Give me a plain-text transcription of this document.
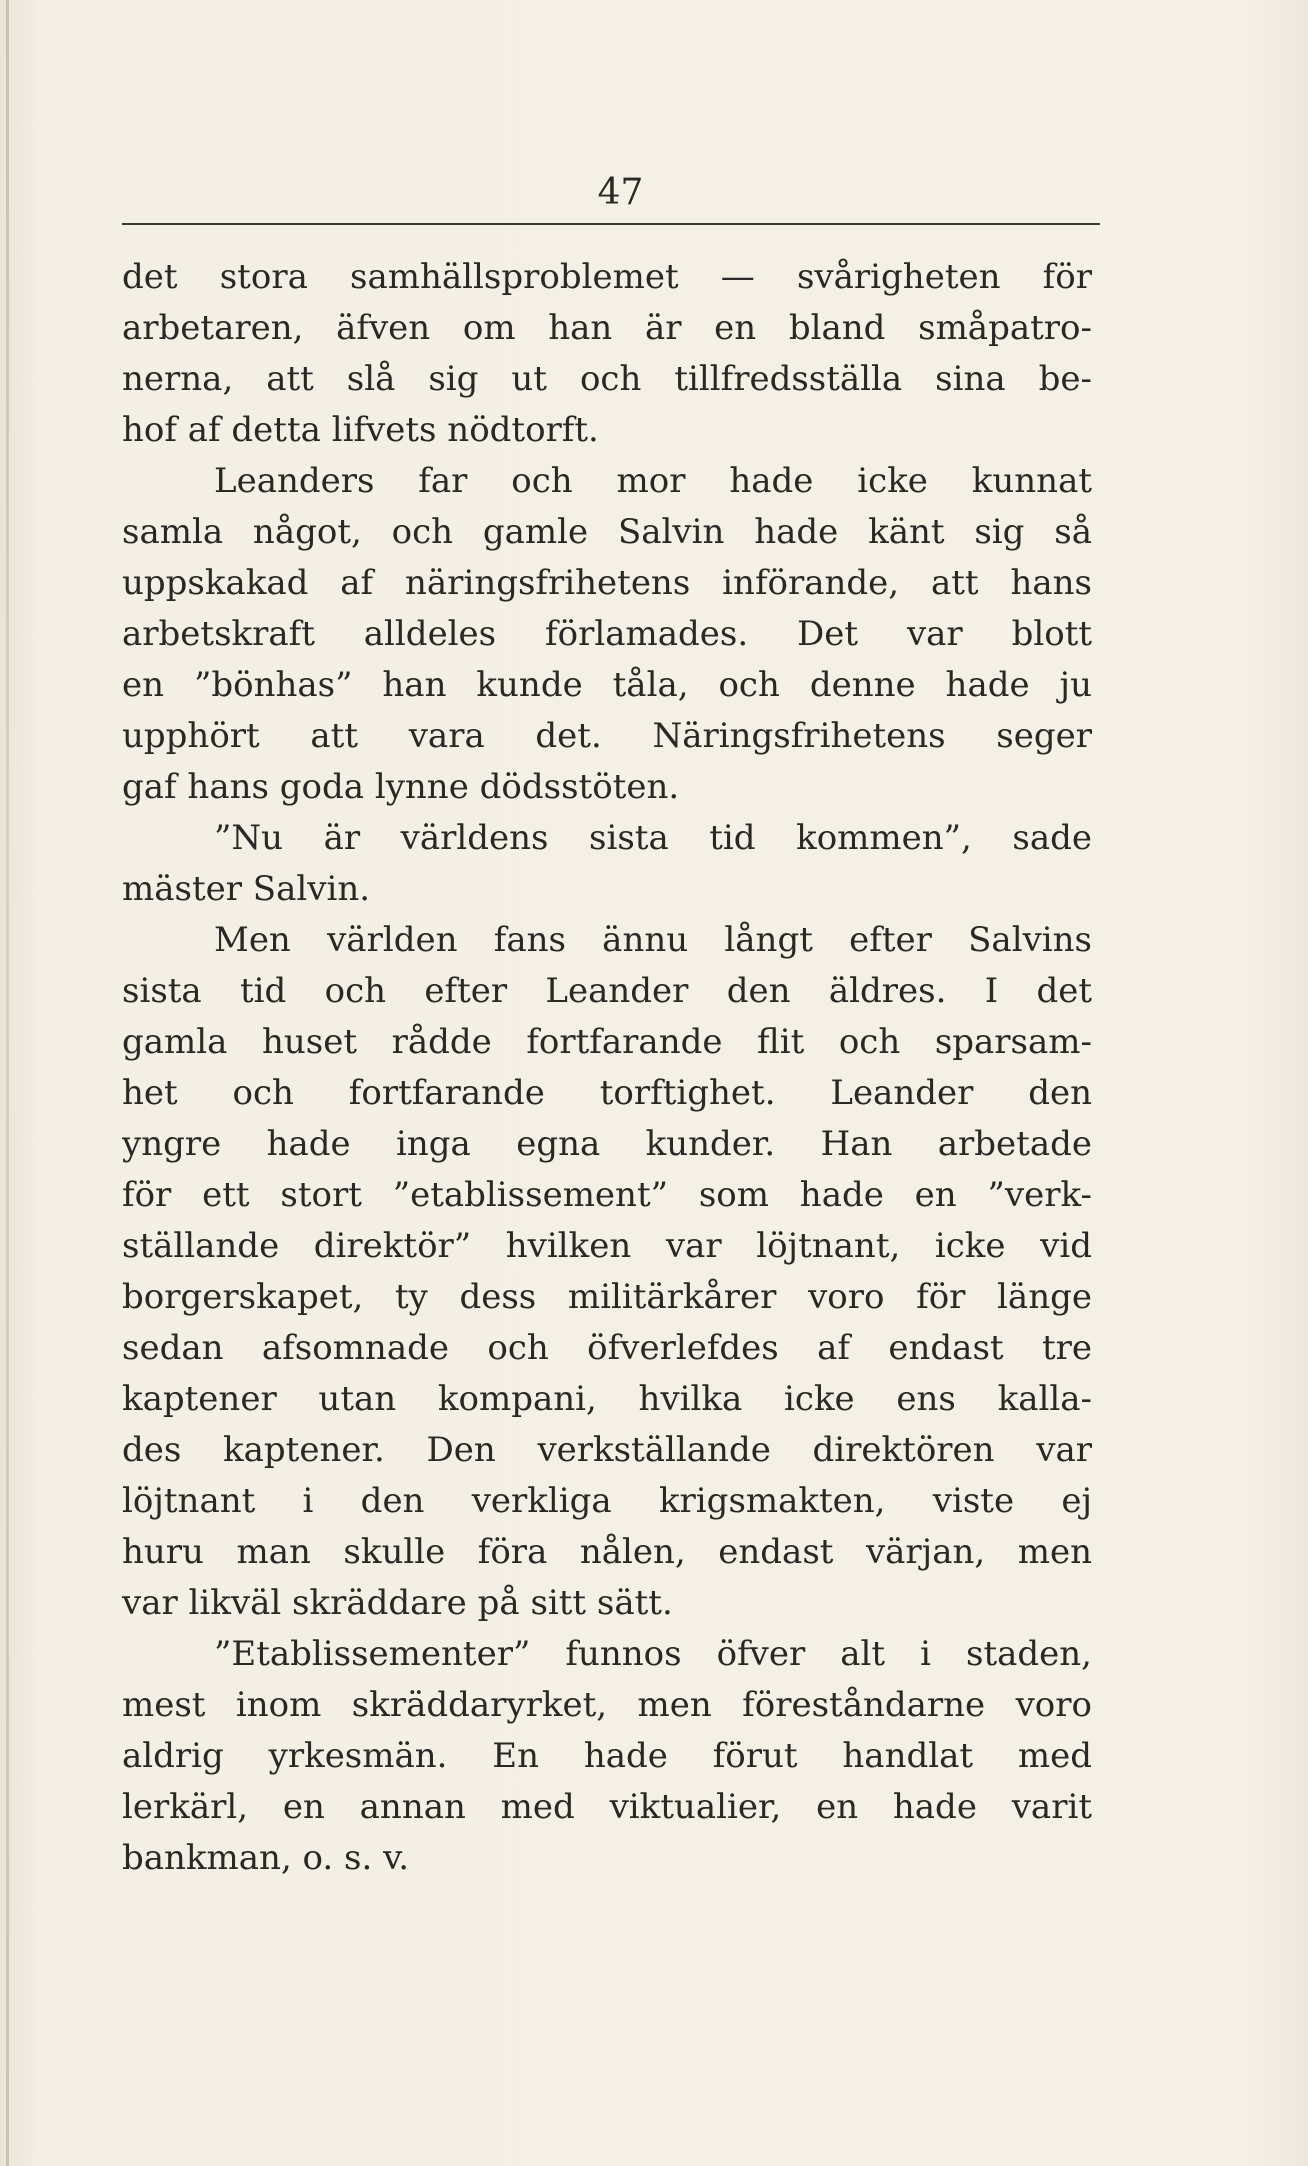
47
det stora samhällsproblemet — svårigheten för
arbetaren, äfven om han är en bland småpatro-
nerna, att slå sig ut och tillfredsställa sina be-
hof af detta lifvets nödtorft.
Leanders far och mor hade icke kunnat
samla något, och gamle Salvin hade känt sig så
uppskakad af näringsfrihetens införande, att hans
arbetskraft alldeles förlamades. Det var blott
en ”bönhas” han kunde tåla, och denne hade ju
upphört att vara det. Näringsfrihetens seger
gaf hans goda lynne dödsstöten.
”Nu är världens sista tid kommen”, sade
mäster Salvin.
Men världen fans ännu långt efter Salvins
sista tid och efter Leander den äldres. I det
gamla huset rådde fortfarande flit och sparsam-
het och fortfarande torftighet. Leander den
yngre hade inga egna kunder. Han arbetade
för ett stort ”etablissement” som hade en ”verk-
ställande direktör” hvilken var löjtnant, icke vid
borgerskapet, ty dess militärkårer voro för länge
sedan afsomnade och öfverlefdes af endast tre
kaptener utan kompani, hvilka icke ens kalla-
des kaptener. Den verkställande direktören var
löjtnant i den verkliga krigsmakten, viste ej
huru man skulle föra nålen, endast värjan, men
var likväl skräddare på sitt sätt.
”Etablissementer” funnos öfver alt i staden,
mest inom skräddaryrket, men föreståndarne voro
aldrig yrkesmän. En hade förut handlat med
lerkärl, en annan med viktualier, en hade varit
bankman, o. s. v.
